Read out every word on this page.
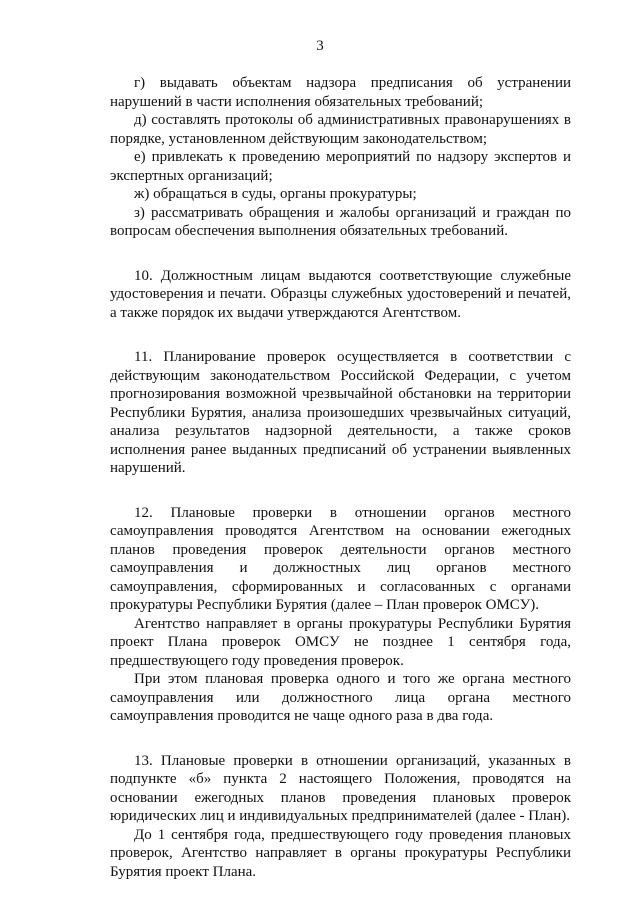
3

г) выдавать объектам надзора предписания об устранении нарушений в части исполнения обязательных требований;

д) составлять протоколы об административных правонарушениях в порядке, установленном действующим законодательством;

е) привлекать к проведению мероприятий по надзору экспертов и экспертных организаций;

ж) обращаться в суды, органы прокуратуры;

з) рассматривать обращения и жалобы организаций и граждан по вопросам обеспечения выполнения обязательных требований.

10. Должностным лицам выдаются соответствующие служебные удостоверения и печати. Образцы служебных удостоверений и печатей, а также порядок их выдачи утверждаются Агентством.

11. Планирование проверок осуществляется в соответствии с действующим законодательством Российской Федерации, с учетом прогнозирования возможной чрезвычайной обстановки на территории Республики Бурятия, анализа произошедших чрезвычайных ситуаций, анализа результатов надзорной деятельности, а также сроков исполнения ранее выданных предписаний об устранении выявленных нарушений.

12. Плановые проверки в отношении органов местного самоуправления проводятся Агентством на основании ежегодных планов проведения проверок деятельности органов местного самоуправления и должностных лиц органов местного самоуправления, сформированных и согласованных с органами прокуратуры Республики Бурятия (далее – План проверок ОМСУ).

Агентство направляет в органы прокуратуры Республики Бурятия проект Плана проверок ОМСУ не позднее 1 сентября года, предшествующего году проведения проверок.

При этом плановая проверка одного и того же органа местного самоуправления или должностного лица органа местного самоуправления проводится не чаще одного раза в два года.

13. Плановые проверки в отношении организаций, указанных в подпункте «б» пункта 2 настоящего Положения, проводятся на основании ежегодных планов проведения плановых проверок юридических лиц и индивидуальных предпринимателей (далее - План).

До 1 сентября года, предшествующего году проведения плановых проверок, Агентство направляет в органы прокуратуры Республики Бурятия проект Плана.
